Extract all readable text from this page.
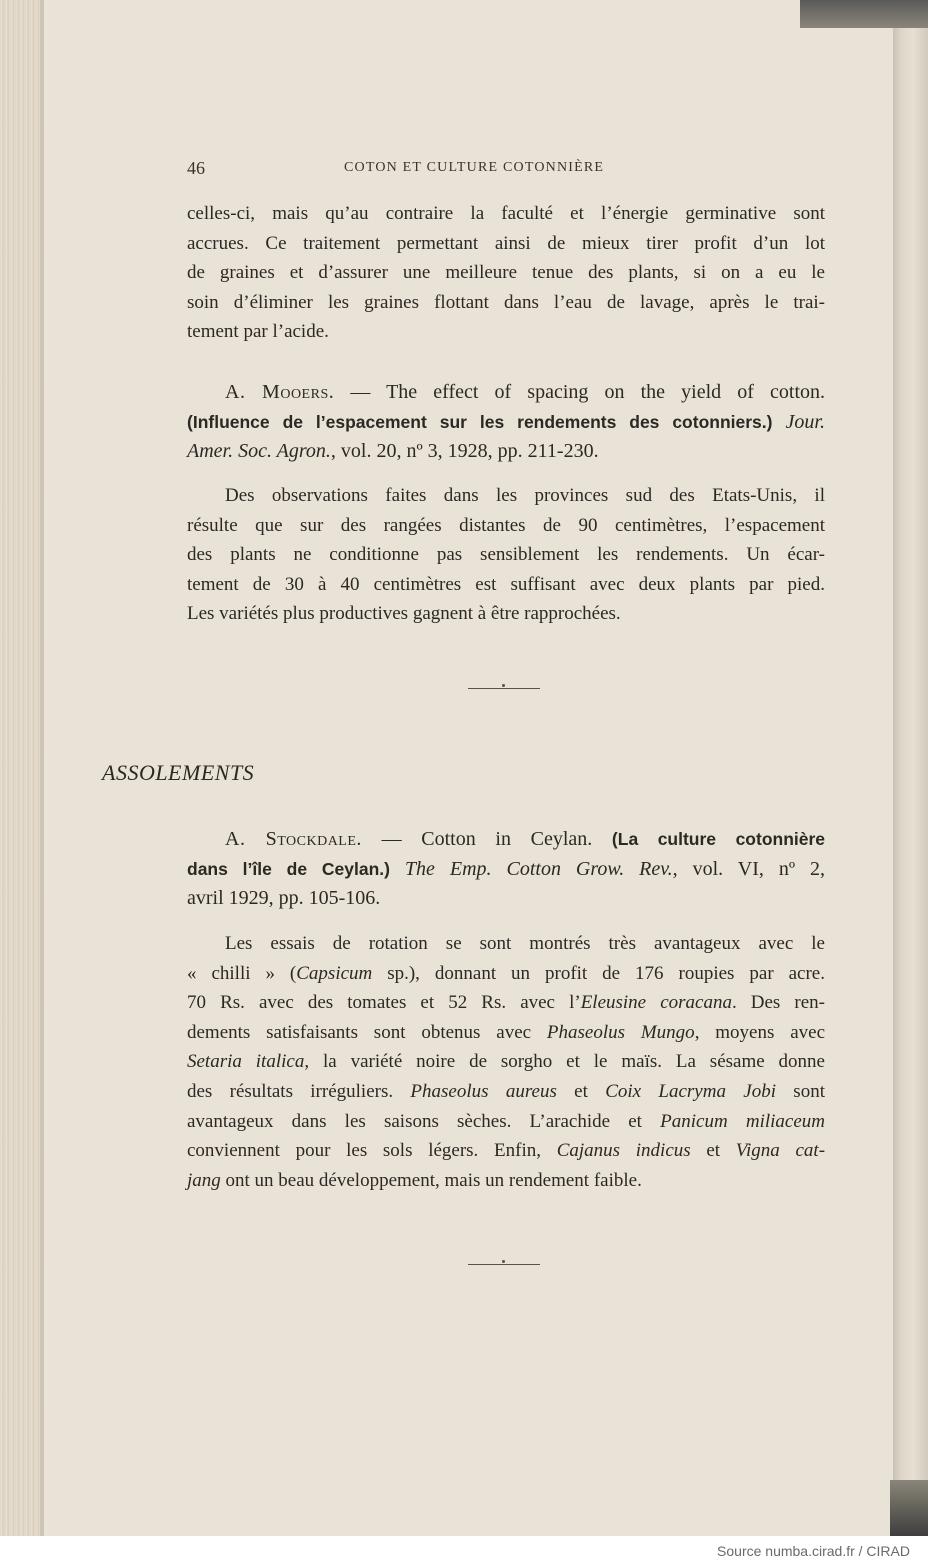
46	COTON ET CULTURE COTONNIÈRE
celles-ci, mais qu’au contraire la faculté et l’énergie germinative sont
accrues. Ce traitement permettant ainsi de mieux tirer profit d’un lot
de graines et d’assurer une meilleure tenue des plants, si on a eu le
soin d’éliminer les graines flottant dans l’eau de lavage, après le trai-
tement par l’acide.
A. Mooers. — The effect of spacing on the yield of cotton.
(Influence de l’espacement sur les rendements des cotonniers.) Jour.
Amer. Soc. Agron., vol. 20, nº 3, 1928, pp. 211-230.
Des observations faites dans les provinces sud des Etats-Unis, il
résulte que sur des rangées distantes de 90 centimètres, l’espacement
des plants ne conditionne pas sensiblement les rendements. Un écar-
tement de 30 à 40 centimètres est suffisant avec deux plants par pied.
Les variétés plus productives gagnent à être rapprochées.
ASSOLEMENTS
A. Stockdale. — Cotton in Ceylan. (La culture cotonnière
dans l’île de Ceylan.) The Emp. Cotton Grow. Rev., vol. VI, nº 2,
avril 1929, pp. 105-106.
Les essais de rotation se sont montrés très avantageux avec le
« chilli » (Capsicum sp.), donnant un profit de 176 roupies par acre.
70 Rs. avec des tomates et 52 Rs. avec l’Eleusine coracana. Des ren-
dements satisfaisants sont obtenus avec Phaseolus Mungo, moyens avec
Setaria italica, la variété noire de sorgho et le maïs. La sésame donne
des résultats irréguliers. Phaseolus aureus et Coix Lacryma Jobi sont
avantageux dans les saisons sèches. L’arachide et Panicum miliaceum
conviennent pour les sols légers. Enfin, Cajanus indicus et Vigna cat-
jang ont un beau développement, mais un rendement faible.
Source numba.cirad.fr / CIRAD
